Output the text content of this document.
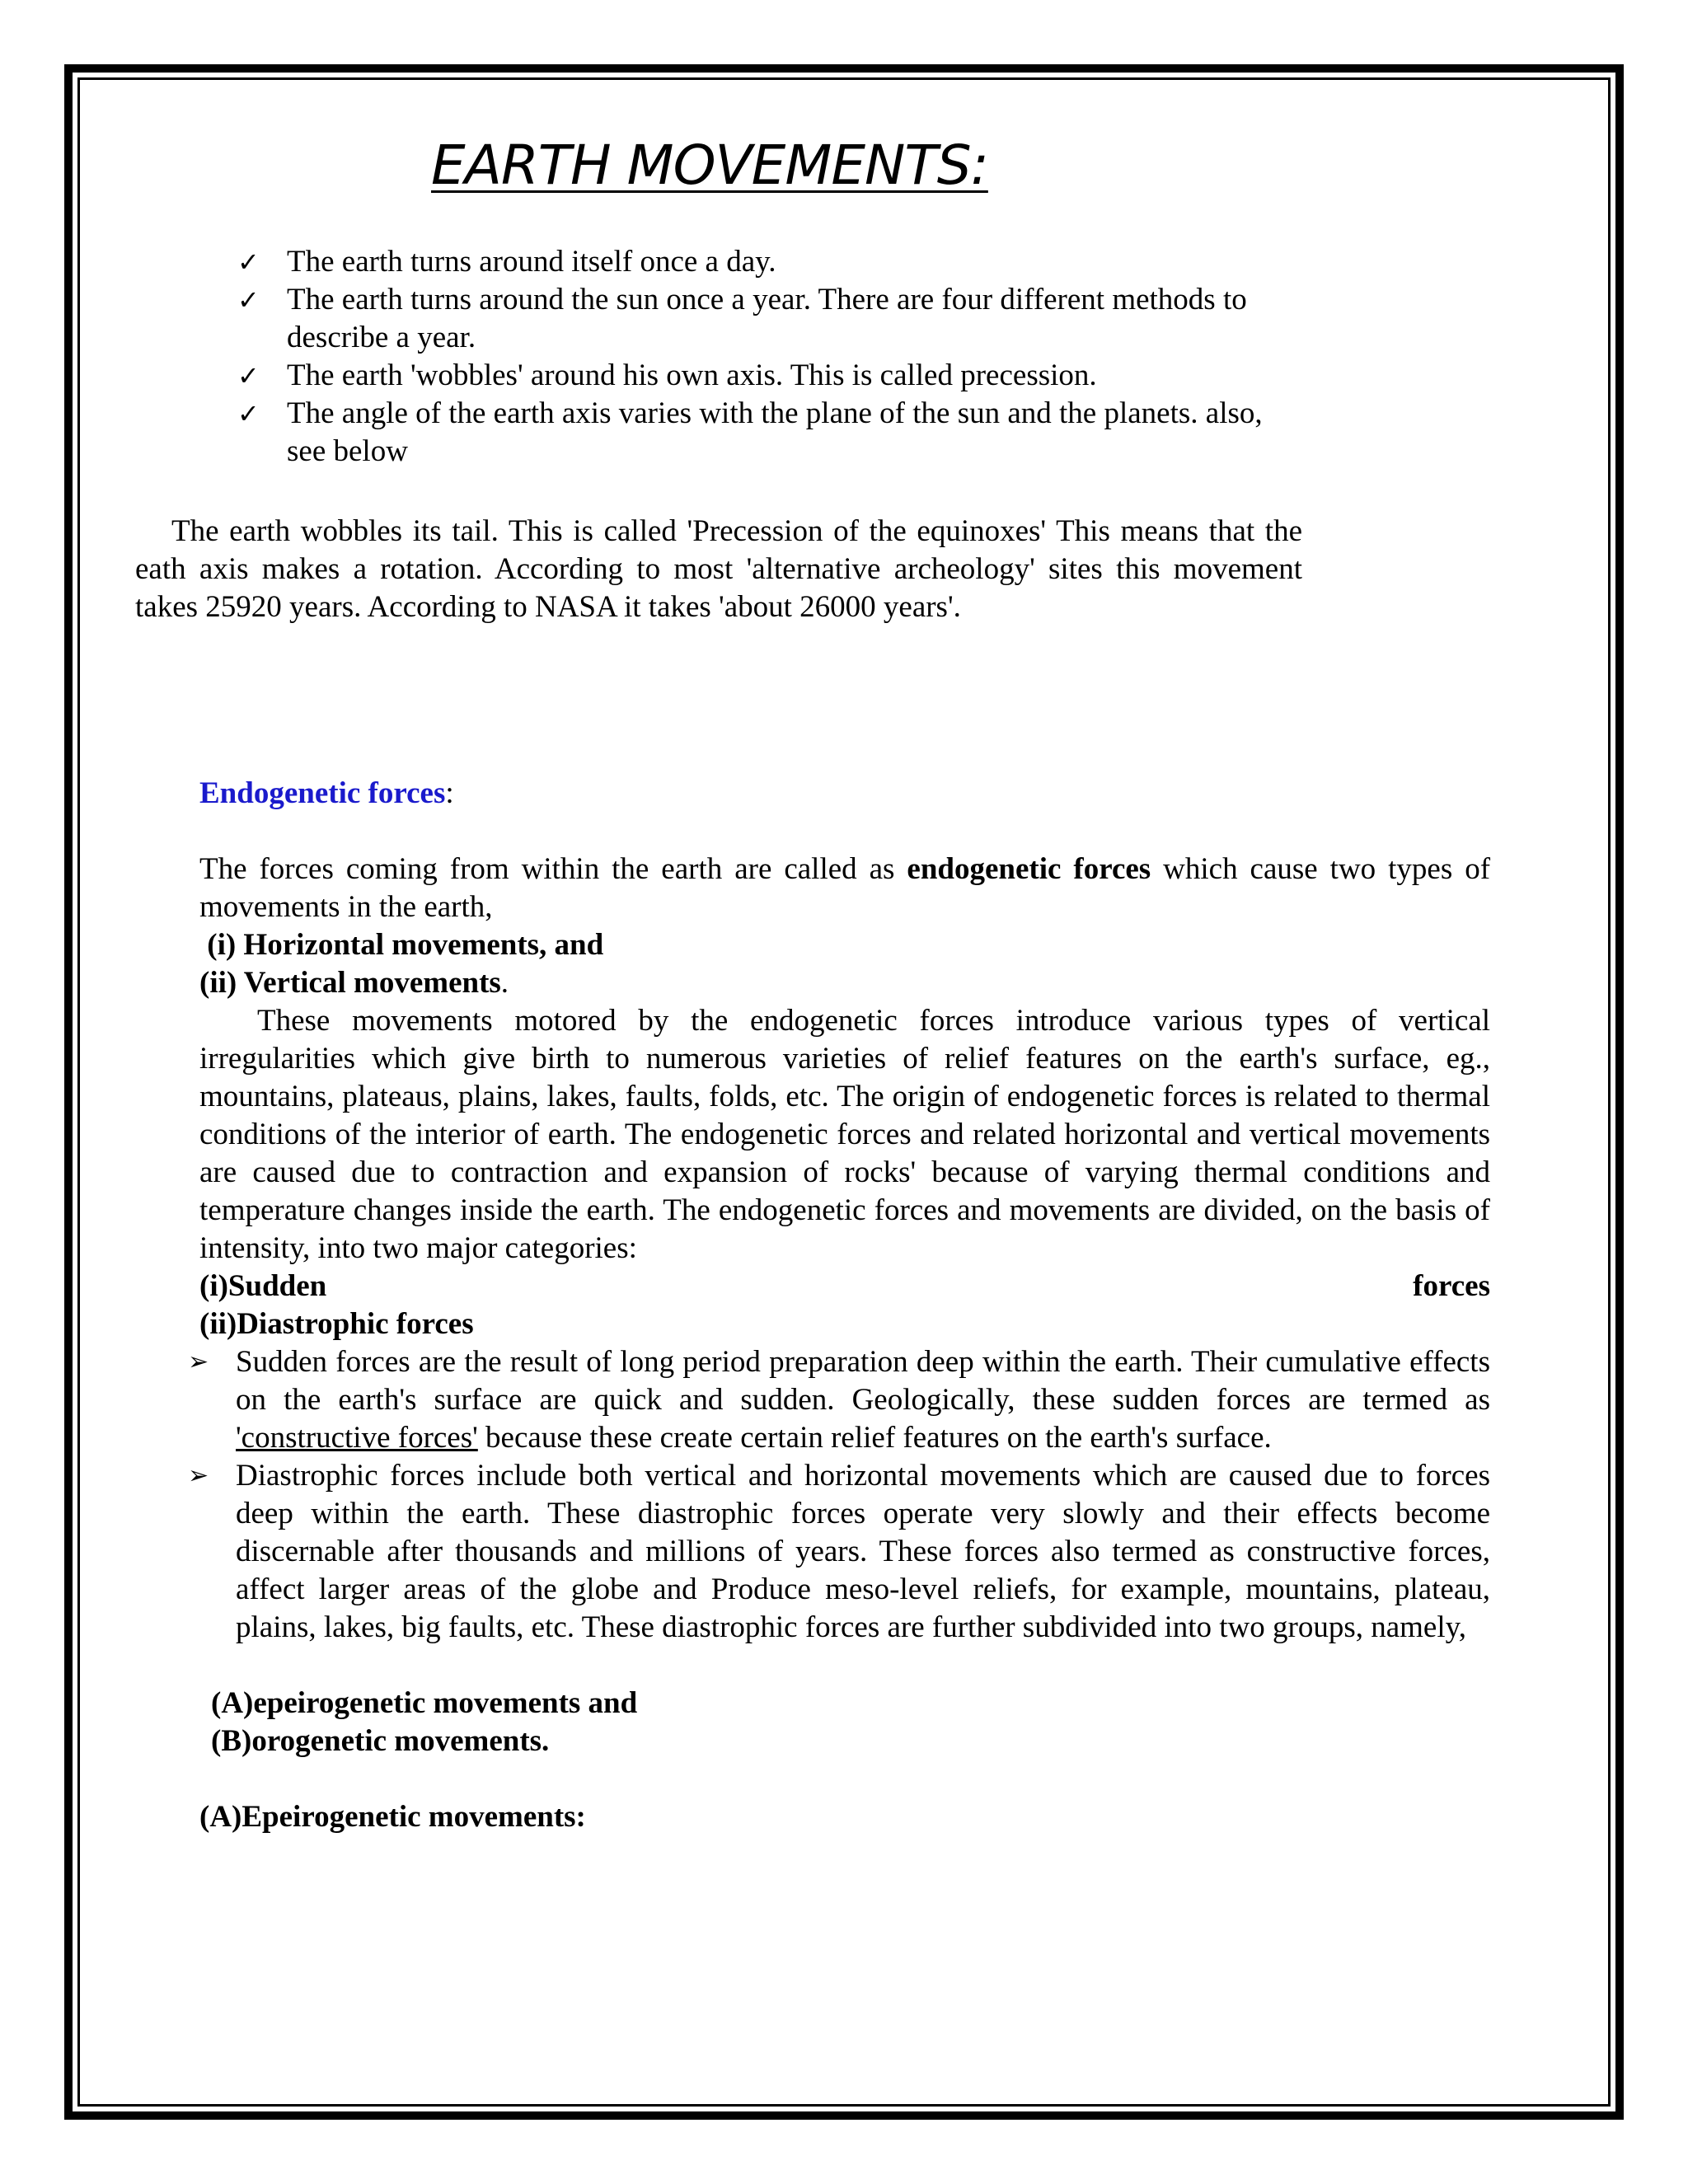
EARTH MOVEMENTS:
✓ The earth turns around itself once a day.
✓ The earth turns around the sun once a year. There are four different methods to describe a year.
✓ The earth 'wobbles' around his own axis. This is called precession.
✓ The angle of the earth axis varies with the plane of the sun and the planets. also, see below

The earth wobbles its tail. This is called 'Precession of the equinoxes' This means that the eath axis makes a rotation. According to most 'alternative archeology' sites this movement takes 25920 years. According to NASA it takes 'about 26000 years'.

Endogenetic forces:

The forces coming from within the earth are called as endogenetic forces which cause two types of movements in the earth,

(i) Horizontal movements, and

(ii) Vertical movements.

These movements motored by the endogenetic forces introduce various types of vertical irregularities which give birth to numerous varieties of relief features on the earth's surface, eg., mountains, plateaus, plains, lakes, faults, folds, etc. The origin of endogenetic forces is related to thermal conditions of the interior of earth. The endogenetic forces and related horizontal and vertical movements are caused due to contraction and expansion of rocks' because of varying thermal conditions and temperature changes inside the earth. The endogenetic forces and movements are divided, on the basis of intensity, into two major categories:

(i)Sudden	forces

(ii)Diastrophic forces

➢ Sudden forces are the result of long period preparation deep within the earth. Their cumulative effects on the earth's surface are quick and sudden. Geologically, these sudden forces are termed as 'constructive forces' because these create certain relief features on the earth's surface.
➢ Diastrophic forces include both vertical and horizontal movements which are caused due to forces deep within the earth. These diastrophic forces operate very slowly and their effects become discernable after thousands and millions of years. These forces also termed as constructive forces, affect larger areas of the globe and Produce meso-level reliefs, for example, mountains, plateau, plains, lakes, big faults, etc. These diastrophic forces are further subdivided into two groups, namely,

(A)epeirogenetic movements and

(B)orogenetic movements.

(A)Epeirogenetic movements:
